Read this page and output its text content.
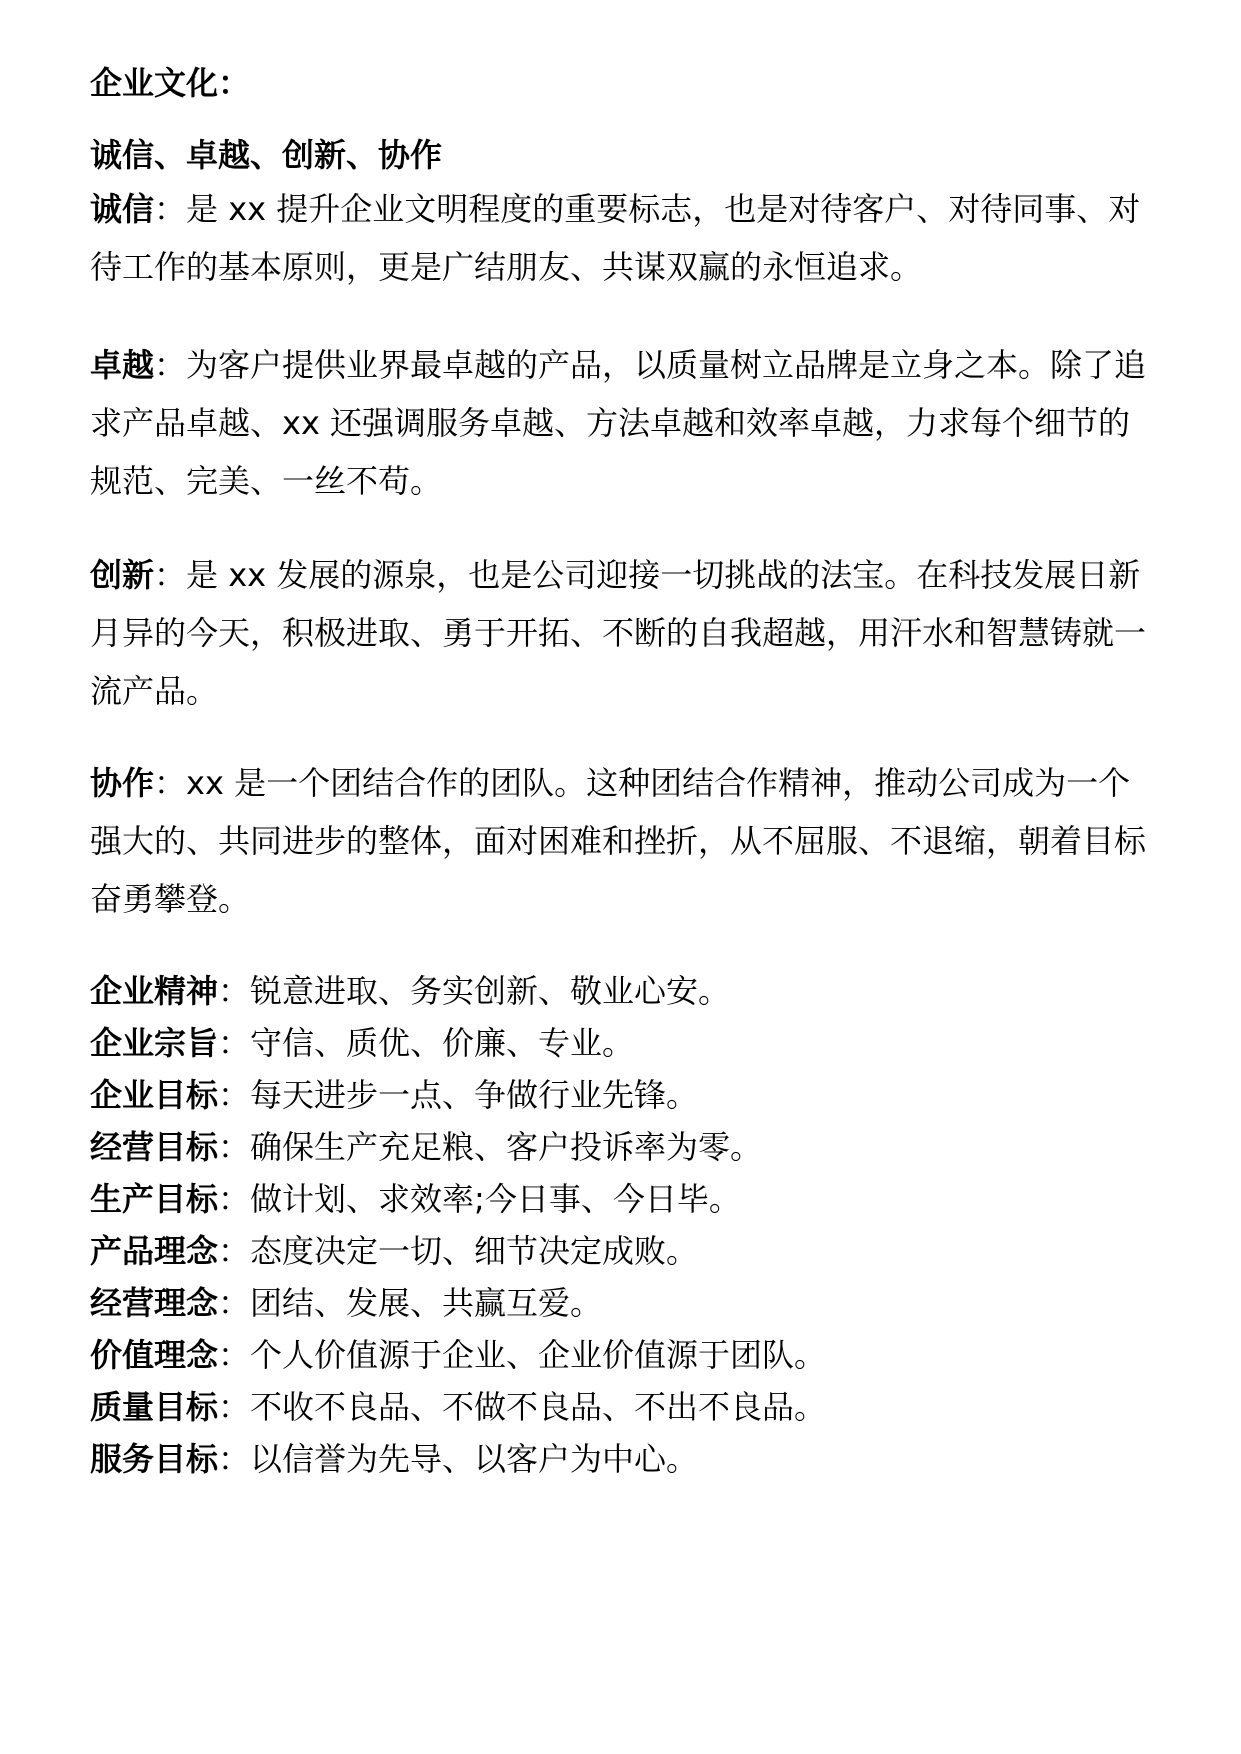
企业文化：
诚信、卓越、创新、协作

诚信：是 xx 提升企业文明程度的重要标志，也是对待客户、对待同事、对待工作的基本原则，更是广结朋友、共谋双赢的永恒追求。

卓越：为客户提供业界最卓越的产品，以质量树立品牌是立身之本。除了追求产品卓越、xx 还强调服务卓越、方法卓越和效率卓越，力求每个细节的规范、完美、一丝不苟。

创新：是 xx 发展的源泉，也是公司迎接一切挑战的法宝。在科技发展日新月异的今天，积极进取、勇于开拓、不断的自我超越，用汗水和智慧铸就一流产品。

协作：xx 是一个团结合作的团队。这种团结合作精神，推动公司成为一个强大的、共同进步的整体，面对困难和挫折，从不屈服、不退缩，朝着目标奋勇攀登。

企业精神：锐意进取、务实创新、敬业心安。
企业宗旨：守信、质优、价廉、专业。
企业目标：每天进步一点、争做行业先锋。
经营目标：确保生产充足粮、客户投诉率为零。
生产目标：做计划、求效率;今日事、今日毕。
产品理念：态度决定一切、细节决定成败。
经营理念：团结、发展、共赢互爱。
价值理念：个人价值源于企业、企业价值源于团队。
质量目标：不收不良品、不做不良品、不出不良品。
服务目标：以信誉为先导、以客户为中心。
